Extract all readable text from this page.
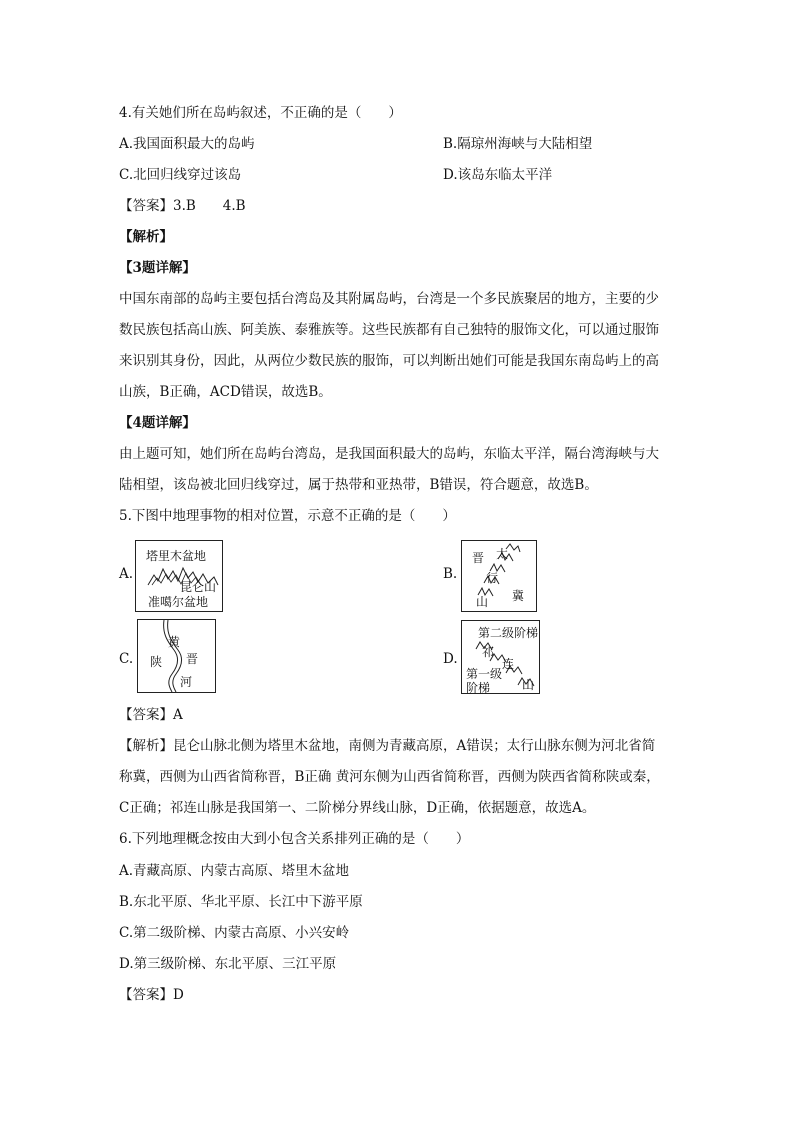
4.有关她们所在岛屿叙述，不正确的是（　　）
A.我国面积最大的岛屿	B.隔琼州海峡与大陆相望
C.北回归线穿过该岛	D.该岛东临太平洋
【答案】3.B　　4.B
【解析】
【3题详解】
中国东南部的岛屿主要包括台湾岛及其附属岛屿，台湾是一个多民族聚居的地方，主要的少
数民族包括高山族、阿美族、泰雅族等。这些民族都有自己独特的服饰文化，可以通过服饰
来识别其身份，因此，从两位少数民族的服饰，可以判断出她们可能是我国东南岛屿上的高
山族，B正确，ACD错误，故选B。
【4题详解】
由上题可知，她们所在岛屿台湾岛，是我国面积最大的岛屿，东临太平洋，隔台湾海峡与大
陆相望，该岛被北回归线穿过，属于热带和亚热带，B错误，符合题意，故选B。
5.下图中地理事物的相对位置，示意不正确的是（　　）
A.
塔里木盆地
昆仑山
准噶尔盆地
B.
晋 太
行
山 冀
C.
黄
陕 晋
河
D.
第二级阶梯
祁
连
山
第一级
阶梯
【答案】A
【解析】昆仑山脉北侧为塔里木盆地，南侧为青藏高原，A错误；太行山脉东侧为河北省简
称冀，西侧为山西省简称晋，B正确 黄河东侧为山西省简称晋，西侧为陕西省简称陕或秦，
C正确；祁连山脉是我国第一、二阶梯分界线山脉，D正确，依据题意，故选A。
6.下列地理概念按由大到小包含关系排列正确的是（　　）
A.青藏高原、内蒙古高原、塔里木盆地
B.东北平原、华北平原、长江中下游平原
C.第二级阶梯、内蒙古高原、小兴安岭
D.第三级阶梯、东北平原、三江平原
【答案】D
